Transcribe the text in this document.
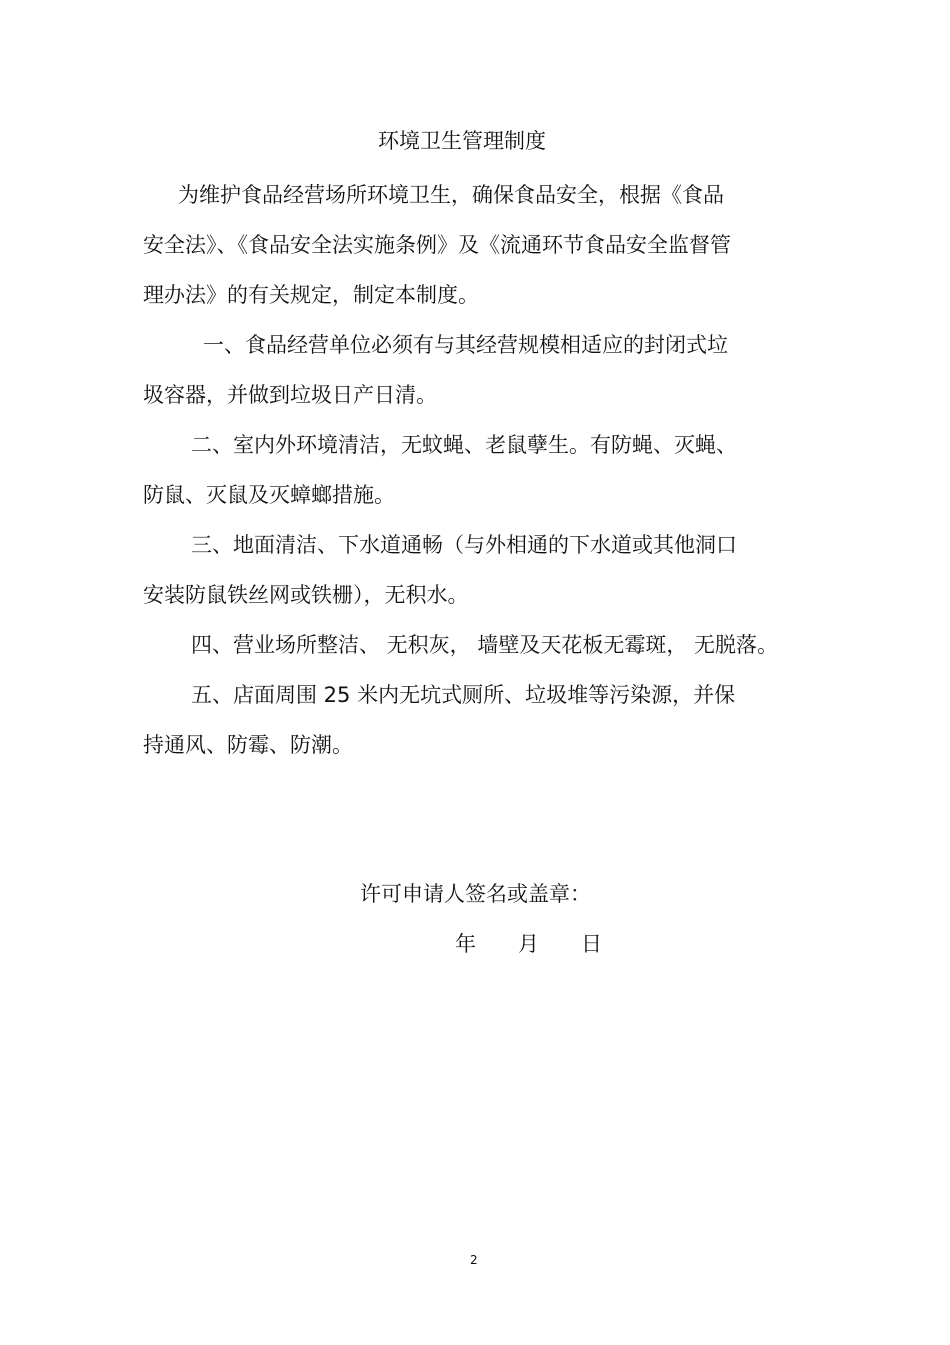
环境卫生管理制度
为维护食品经营场所环境卫生，确保食品安全，根据《食品
安全法》、《食品安全法实施条例》及《流通环节食品安全监督管
理办法》的有关规定，制定本制度。
一、食品经营单位必须有与其经营规模相适应的封闭式垃
圾容器，并做到垃圾日产日清。
二、室内外环境清洁，无蚊蝇、老鼠孽生。有防蝇、灭蝇、
防鼠、灭鼠及灭蟑螂措施。
三、地面清洁、下水道通畅（与外相通的下水道或其他洞口
安装防鼠铁丝网或铁栅），无积水。
四、营业场所整洁、 无积灰， 墙壁及天花板无霉斑， 无脱落。
五、店面周围 25 米内无坑式厕所、垃圾堆等污染源，并保
持通风、防霉、防潮。
许可申请人签名或盖章：
年　　月　　日
2
